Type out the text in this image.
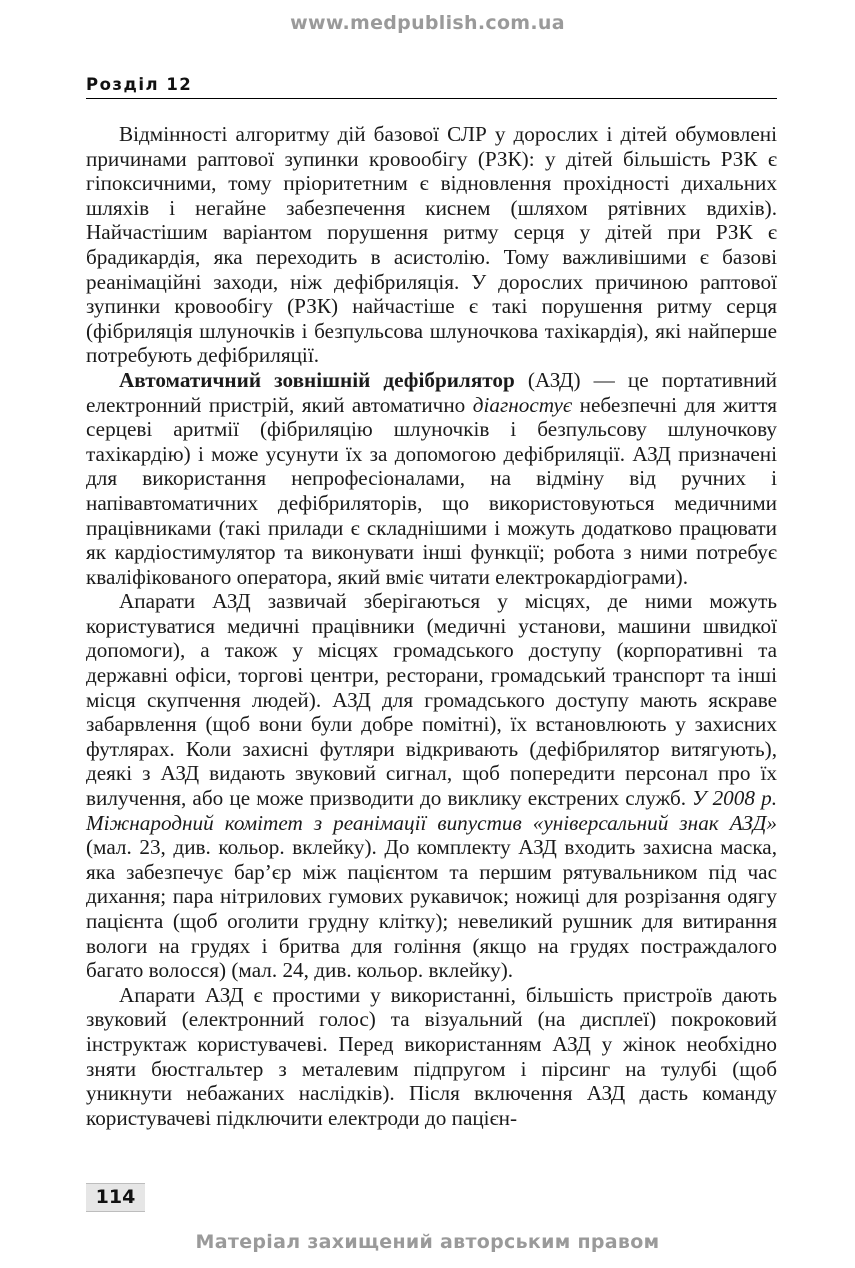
www.medpublish.com.ua
Розділ 12

Відмінності алгоритму дій базової СЛР у дорослих і дітей обумовлені причинами раптової зупинки кровообігу (РЗК): у дітей більшість РЗК є гіпоксичними, тому пріоритетним є відновлення прохідності дихальних шляхів і негайне забезпечення киснем (шляхом рятівних вдихів). Найчастішим варіантом порушення ритму серця у дітей при РЗК є брадикардія, яка переходить в асистолію. Тому важливішими є базові реанімаційні заходи, ніж дефібриляція. У дорослих причиною раптової зупинки кровообігу (РЗК) найчастіше є такі порушення ритму серця (фібриляція шлуночків і безпульсова шлуночкова тахікардія), які найперше потребують дефібриляції.

Автоматичний зовнішній дефібрилятор (АЗД) — це портативний електронний пристрій, який автоматично діагностує небезпечні для життя серцеві аритмії (фібриляцію шлуночків і безпульсову шлуночкову тахікардію) і може усунути їх за допомогою дефібриляції. АЗД призначені для використання непрофесіоналами, на відміну від ручних і напівавтоматичних дефібриляторів, що використовуються медичними працівниками (такі прилади є складнішими і можуть додатково працювати як кардіостимулятор та виконувати інші функції; робота з ними потребує кваліфікованого оператора, який вміє читати електрокардіограми).

Апарати АЗД зазвичай зберігаються у місцях, де ними можуть користуватися медичні працівники (медичні установи, машини швидкої допомоги), а також у місцях громадського доступу (корпоративні та державні офіси, торгові центри, ресторани, громадський транспорт та інші місця скупчення людей). АЗД для громадського доступу мають яскраве забарвлення (щоб вони були добре помітні), їх встановлюють у захисних футлярах. Коли захисні футляри відкривають (дефібрилятор витягують), деякі з АЗД видають звуковий сигнал, щоб попередити персонал про їх вилучення, або це може призводити до виклику екстрених служб. У 2008 р. Міжнародний комітет з реанімації випустив «універсальний знак АЗД» (мал. 23, див. кольор. вклейку). До комплекту АЗД входить захисна маска, яка забезпечує бар’єр між пацієнтом та першим рятувальником під час дихання; пара нітрилових гумових рукавичок; ножиці для розрізання одягу пацієнта (щоб оголити грудну клітку); невеликий рушник для витирання вологи на грудях і бритва для гоління (якщо на грудях постраждалого багато волосся) (мал. 24, див. кольор. вклейку).

Апарати АЗД є простими у використанні, більшість пристроїв дають звуковий (електронний голос) та візуальний (на дисплеї) покроковий інструктаж користувачеві. Перед використанням АЗД у жінок необхідно зняти бюстгальтер з металевим підпругом і пірсинг на тулубі (щоб уникнути небажаних наслідків). Після включення АЗД дасть команду користувачеві підключити електроди до пацієн-

114
Матеріал захищений авторським правом
